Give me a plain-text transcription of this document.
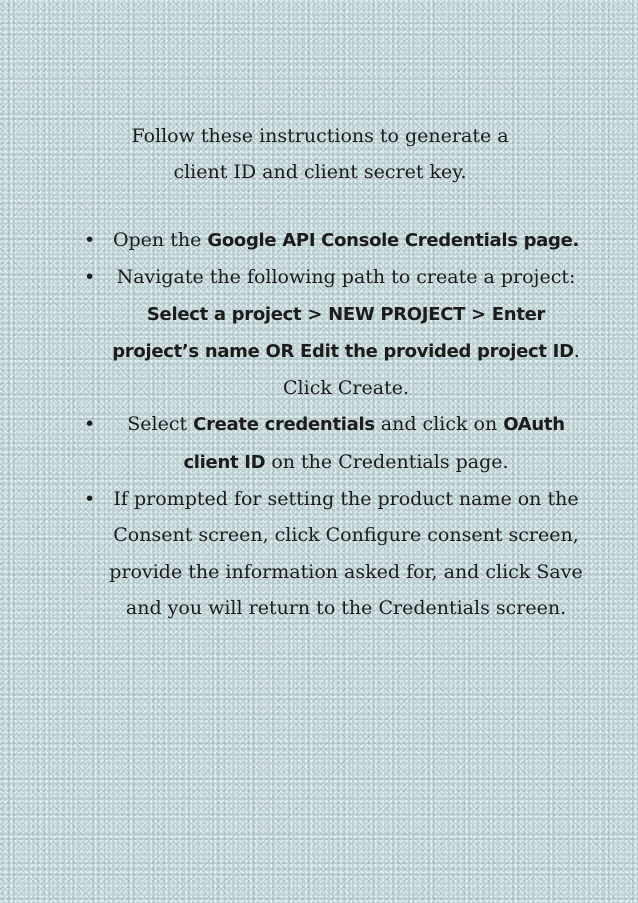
Follow these instructions to generate a
client ID and client secret key.
• Open the Google API Console Credentials page.
• Navigate the following path to create a project: Select a project > NEW PROJECT > Enter project’s name OR Edit the provided project ID. Click Create.
• Select Create credentials and click on OAuth client ID on the Credentials page.
• If prompted for setting the product name on the Consent screen, click Configure consent screen, provide the information asked for, and click Save and you will return to the Credentials screen.
